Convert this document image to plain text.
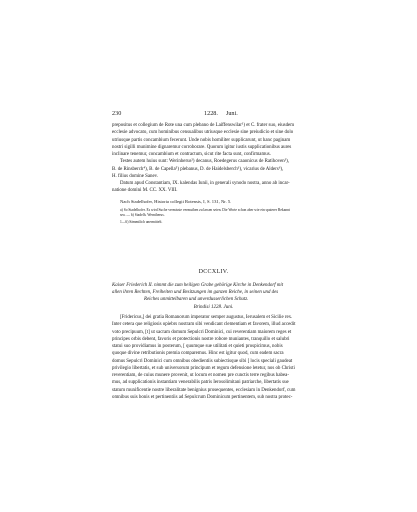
230	1228. Juni.

prepositus et collegium de Rote una cum plebano de Laiffenswilar¹) et C. frater suo, eiusdem

ecclesie advocato, cum hominibus censualibus utriusque ecclesie sine preiudicio et sine dolo

utriusque partis concambium fecerunt. Unde nobis homiliter supplicarunt, ut hanc paginam

nostri sigilli munimine dignaremur corroborare. Quorum igitur iustis supplicationibus aures

inclinare tenemur, concambium et contractum, sicut rite facta sunt, confirmamus.

Testes autem huius sunt: Werinherus²) decanus, Roedegerus caaonicus de Ratihoven³),

B. de Rinsberch⁴), B. de Capella⁵) plebanus, D. de Haidelsberch⁶), vicarius de Alders⁶),

H. filius domine Sanev.

Datum apud Constantiam, IX. kalendas Iunii, in generali synodo nostra, anno ab incar-

natione domini M. CC. XX. VIII.

Nach Stadelhofer, Historia collegii Rotensis, I, S. 131, Nr. 5.
a) So Stadelhofer. Es wird Suche vermisste vermuthen zu lassen seien. Die Worte schon aber wie ein spaterer Bekannt
sea. — b) Stadelh. Werniherus.
1—6) Sämmtlich unermittelt.
DCCXLIV.

Kaiser Friederich II. nimmt die zum heiligen Grabe gehörige Kirche in Denkendorf mit

allen ihren Rechten, Freiheiten und Besitzungen im ganzen Reiche, in seinen und des

Reiches unmittelbaren und unverdusserlichen Schutz.

Brindisi 1228. Juni.

[Fridericus,] dei gratia Romanorum imperator semper augustus, Ierusalem et Sicilie rex.

Inter cetera que religiosis opiebrs nostram sibi vendicant clementiam et favorem, illud accedit

voto precipuum, [t] ut sacram domum Sepulcri Dominici, cui reverentiam maiorem reges et

principes orbis debent, favoris et protectionis nostre robore muniantes, tranquillo et salubri

statui suo providiamus in posterum, [ quumque sue utilitati et quieti prospicimus, nobis

quoque divine retributionis premia comparemus. Hinc est igitur quod, cum eadem sacra

domus Sepulcri Dominici cum omnibus obedientiis subiectisque sibi [ locis speciali gaudeat

privilegio libertatis, et sub universorum principum et regum defensione letetur, nos ob Christi

reverentiam, de cuius munere provenit, ut locum et nomen pre cunctis terre regibus habea-

mus, ad supplicationis instantiam venerabilis patris Ierosolimitani patriarche, libertatis sue

statum munificentie nostre liberalitate benignius prosequentes, ecclesiam in Denkendorf, cum

omnibus suis bonis et pertinentiis ad Sepulcrum Dominicum pertinentem, sub nostra protec-
